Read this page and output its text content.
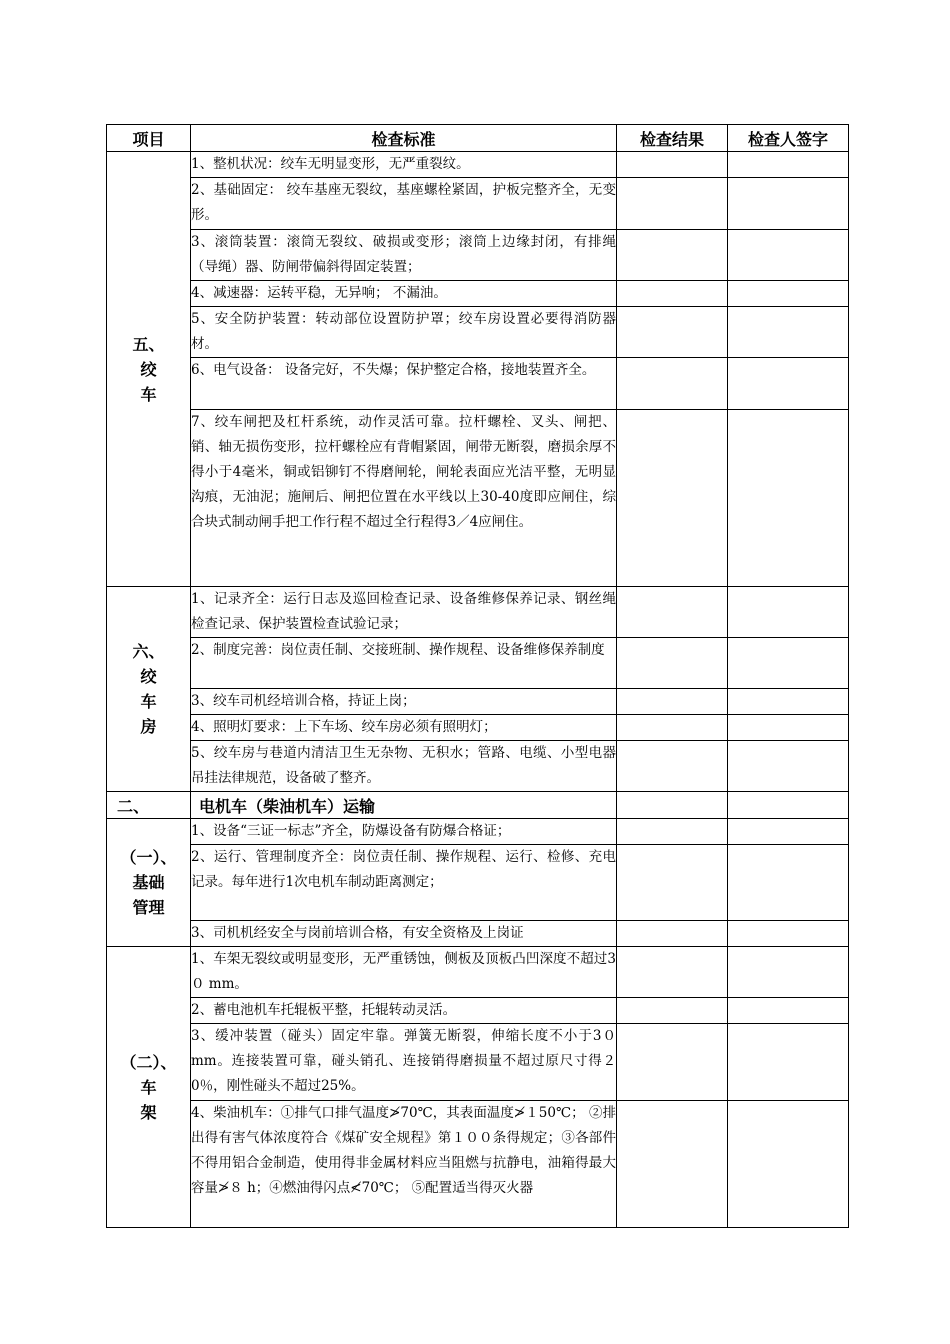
项目	检查标准	检查结果	检查人签字

五、
绞
车	1、整机状况：绞车无明显变形，无严重裂纹。		
	2、基础固定： 绞车基座无裂纹，基座螺栓紧固，护板完整齐全，无变形。		
	3、滚筒装置：滚筒无裂纹、破损或变形；滚筒上边缘封闭，有排绳（导绳）器、防闸带偏斜得固定装置；		
	4、减速器：运转平稳，无异响； 不漏油。		
	5、安全防护装置：转动部位设置防护罩；绞车房设置必要得消防器材。		
	6、电气设备： 设备完好，不失爆；保护整定合格，接地装置齐全。		
	7、绞车闸把及杠杆系统，动作灵活可靠。拉杆螺栓、叉头、闸把、销、轴无损伤变形，拉杆螺栓应有背帽紧固，闸带无断裂，磨损余厚不得小于4毫米，铜或铝铆钉不得磨闸轮，闸轮表面应光洁平整，无明显沟痕，无油泥；施闸后、闸把位置在水平线以上30-40度即应闸住，综合块式制动闸手把工作行程不超过全行程得3／4应闸住。		

六、
绞
车
房	1、记录齐全：运行日志及巡回检查记录、设备维修保养记录、钢丝绳检查记录、保护装置检查试验记录；		
	2、制度完善：岗位责任制、交接班制、操作规程、设备维修保养制度		
	3、绞车司机经培训合格，持证上岗；		
	4、照明灯要求：上下车场、绞车房必须有照明灯；		
	5、绞车房与巷道内清洁卫生无杂物、无积水；管路、电缆、小型电器吊挂法律规范，设备破了整齐。		
二、	电机车（柴油机车）运输		

（一）、
基础
管理	1、设备“三证一标志”齐全，防爆设备有防爆合格证；		
	2、运行、管理制度齐全：岗位责任制、操作规程、运行、检修、充电记录。每年进行1次电机车制动距离测定；		
	3、司机机经安全与岗前培训合格，有安全资格及上岗证		

（二）、
车
架	1、车架无裂纹或明显变形，无严重锈蚀，侧板及顶板凸凹深度不超过3０ mm。		
	2、蓄电池机车托辊板平整，托辊转动灵活。		
	3、缓冲装置（碰头）固定牢靠。弹簧无断裂，伸缩长度不小于3０ mm。连接装置可靠，碰头销孔、连接销得磨损量不超过原尺寸得２0％，刚性碰头不超过25%。		
	4、柴油机车：①排气口排气温度≯70℃，其表面温度≯１50℃； ②排出得有害气体浓度符合《煤矿安全规程》第１００条得规定；③各部件不得用铝合金制造，使用得非金属材料应当阻燃与抗静电，油箱得最大容量≯８ h；④燃油得闪点≮70℃； ⑤配置适当得灭火器		
